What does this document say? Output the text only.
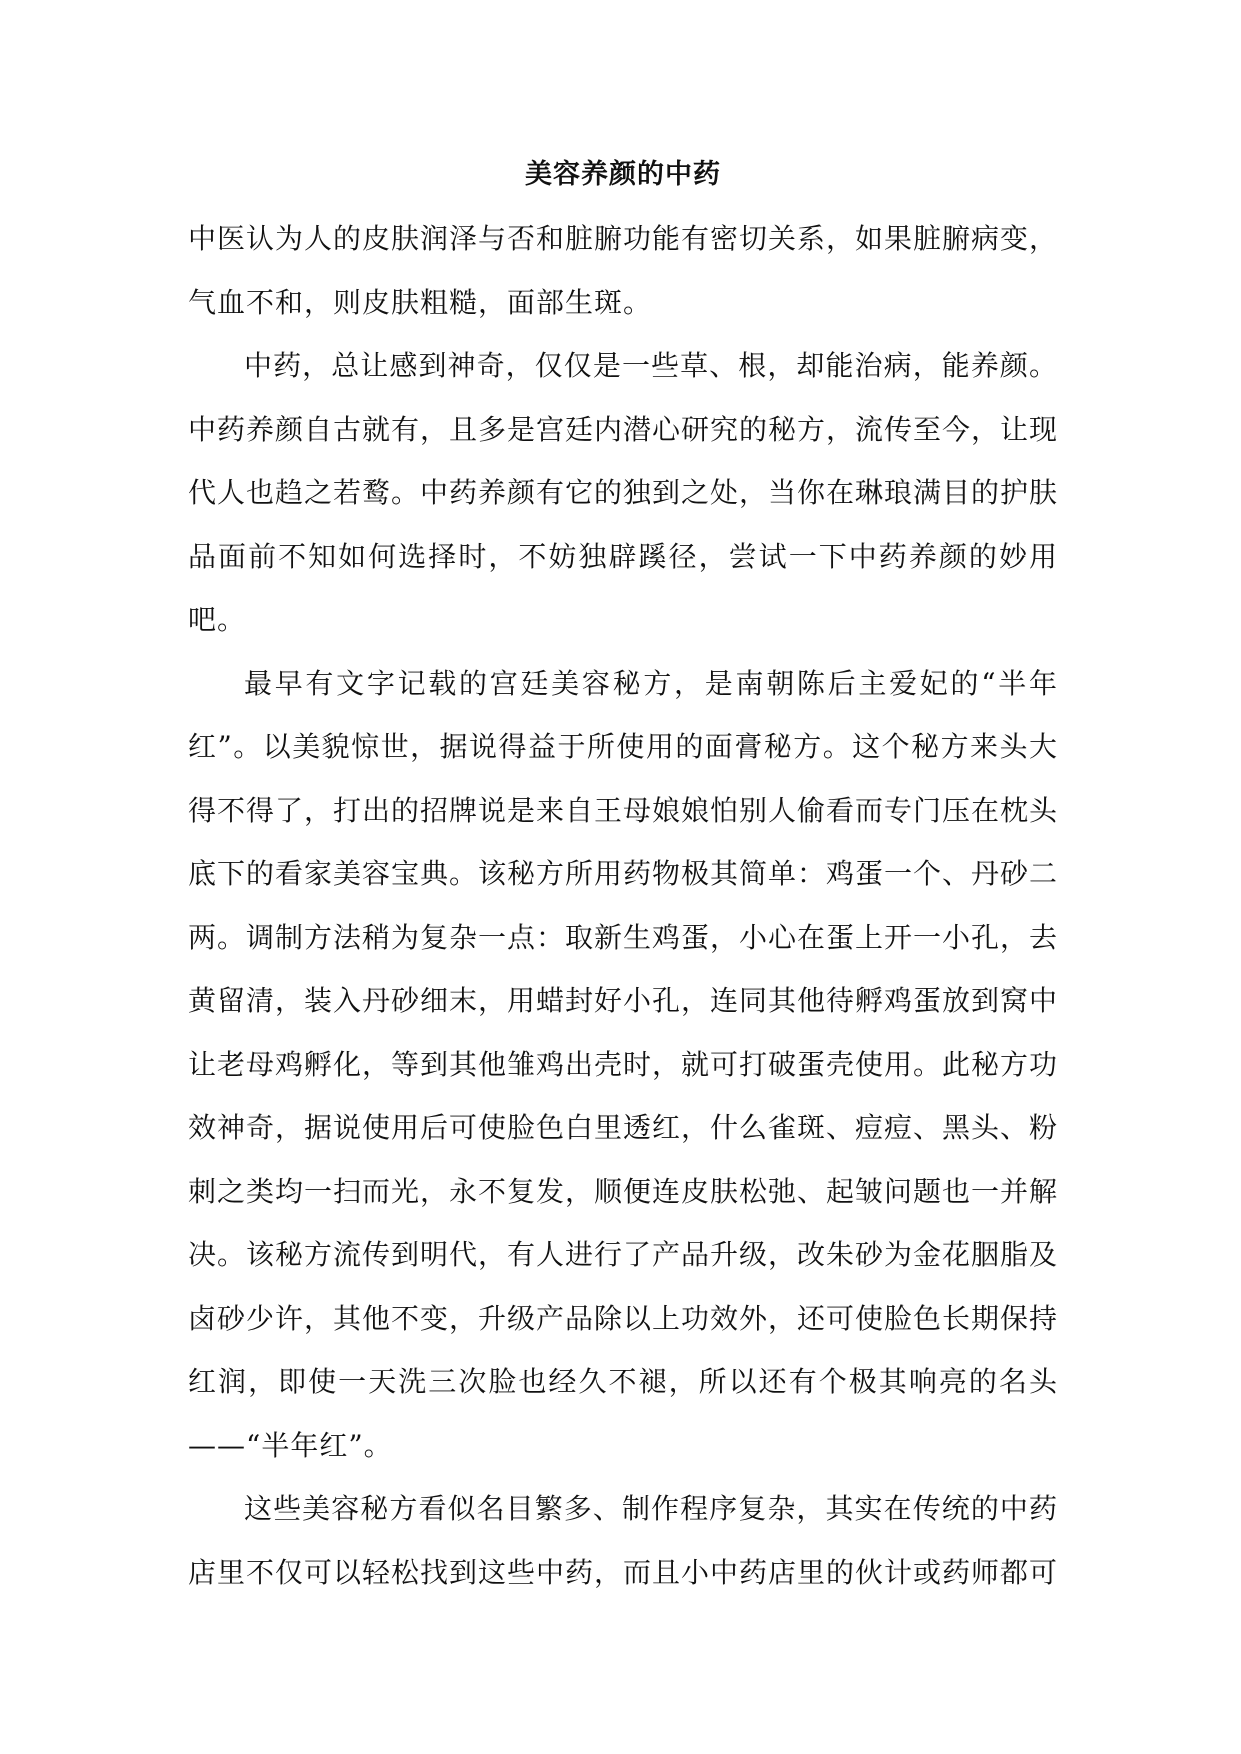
美容养颜的中药

中医认为人的皮肤润泽与否和脏腑功能有密切关系，如果脏腑病变，气血不和，则皮肤粗糙，面部生斑。

中药，总让感到神奇，仅仅是一些草、根，却能治病，能养颜。中药养颜自古就有，且多是宫廷内潜心研究的秘方，流传至今，让现代人也趋之若鹜。中药养颜有它的独到之处，当你在琳琅满目的护肤品面前不知如何选择时，不妨独辟蹊径，尝试一下中药养颜的妙用吧。

最早有文字记载的宫廷美容秘方，是南朝陈后主爱妃的“半年红”。以美貌惊世，据说得益于所使用的面膏秘方。这个秘方来头大得不得了，打出的招牌说是来自王母娘娘怕别人偷看而专门压在枕头底下的看家美容宝典。该秘方所用药物极其简单：鸡蛋一个、丹砂二两。调制方法稍为复杂一点：取新生鸡蛋，小心在蛋上开一小孔，去黄留清，装入丹砂细末，用蜡封好小孔，连同其他待孵鸡蛋放到窝中让老母鸡孵化，等到其他雏鸡出壳时，就可打破蛋壳使用。此秘方功效神奇，据说使用后可使脸色白里透红，什么雀斑、痘痘、黑头、粉刺之类均一扫而光，永不复发，顺便连皮肤松弛、起皱问题也一并解决。该秘方流传到明代，有人进行了产品升级，改朱砂为金花胭脂及卤砂少许，其他不变，升级产品除以上功效外，还可使脸色长期保持红润，即使一天洗三次脸也经久不褪，所以还有个极其响亮的名头——“半年红”。

这些美容秘方看似名目繁多、制作程序复杂，其实在传统的中药店里不仅可以轻松找到这些中药，而且小中药店里的伙计或药师都可
